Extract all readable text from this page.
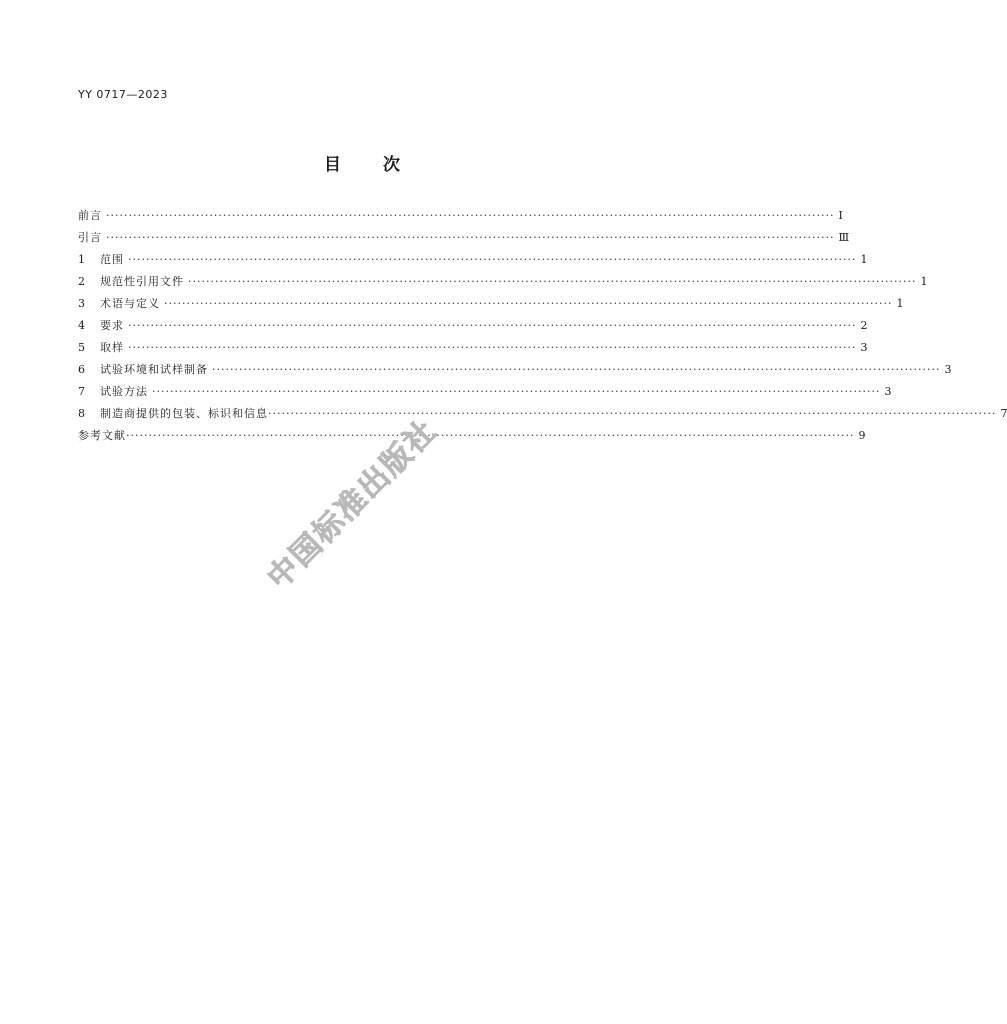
YY 0717—2023
目 次
前言 ·································································································································································· Ⅰ
引言 ·································································································································································· Ⅲ
1	范围 ·································································································································································· 1
2	规范性引用文件 ·································································································································································· 1
3	术语与定义 ·································································································································································· 1
4	要求 ·································································································································································· 2
5	取样 ·································································································································································· 3
6	试验环境和试样制备 ·································································································································································· 3
7	试验方法 ·································································································································································· 3
8	制造商提供的包装、标识和信息 ·································································································································································· 7
参考文献 ·································································································································································· 9
中国标准出版社
